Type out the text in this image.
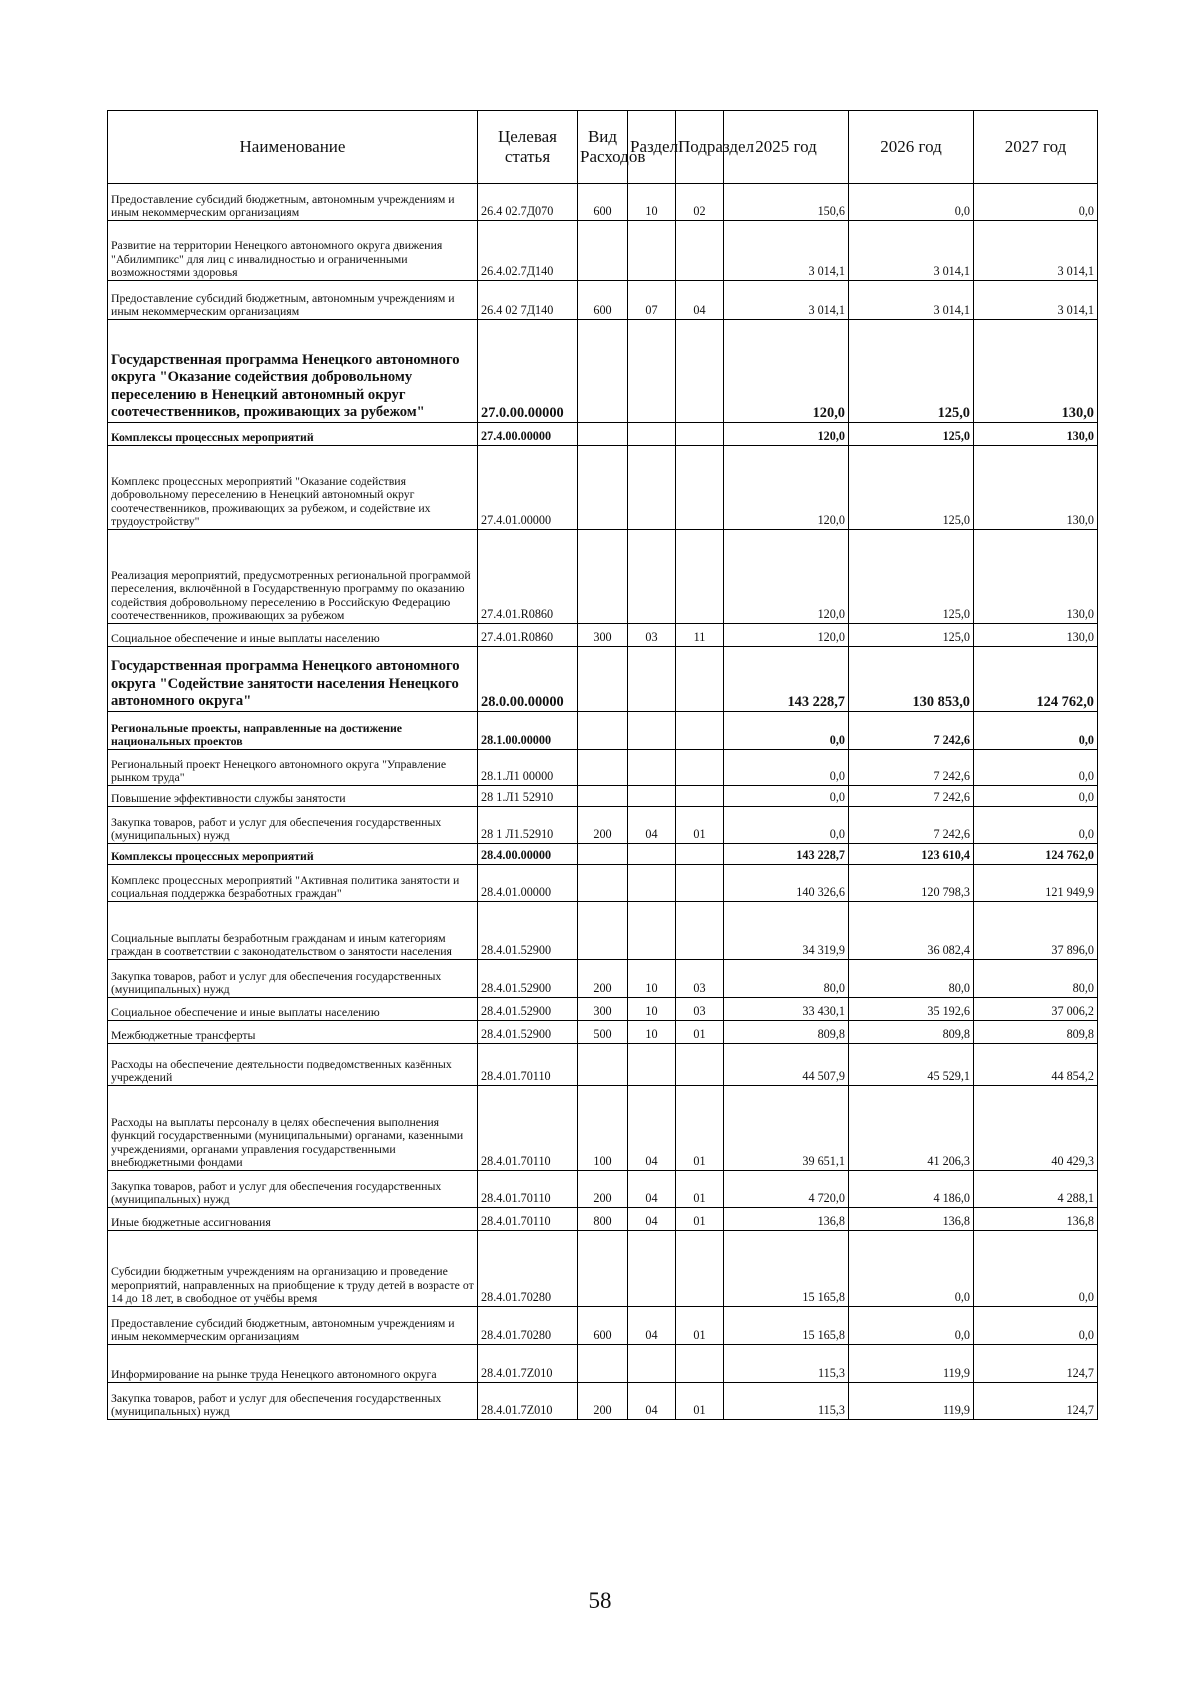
Наименование	Целевая статья	Вид Расходов	Раздел	Подраздел	2025 год	2026 год	2027 год
Предоставление субсидий бюджетным, автономным учреждениям и иным некоммерческим организациям	26.4 02.7Д070	600	10	02	150,6	0,0	0,0
Развитие на территории Ненецкого автономного округа движения "Абилимпикс" для лиц с инвалидностью и ограниченными возможностями здоровья	26.4.02.7Д140				3 014,1	3 014,1	3 014,1
Предоставление субсидий бюджетным, автономным учреждениям и иным некоммерческим организациям	26.4 02 7Д140	600	07	04	3 014,1	3 014,1	3 014,1
Государственная программа Ненецкого автономного округа "Оказание содействия добровольному переселению в Ненецкий автономный округ соотечественников, проживающих за рубежом"	27.0.00.00000				120,0	125,0	130,0
Комплексы процессных мероприятий	27.4.00.00000				120,0	125,0	130,0
Комплекс процессных мероприятий "Оказание содействия добровольному переселению в Ненецкий автономный округ соотечественников, проживающих за рубежом, и содействие их трудоустройству"	27.4.01.00000				120,0	125,0	130,0
Реализация мероприятий, предусмотренных региональной программой переселения, включённой в Государственную программу по оказанию содействия добровольному переселению в Российскую Федерацию соотечественников, проживающих за рубежом	27.4.01.R0860				120,0	125,0	130,0
Социальное обеспечение и иные выплаты населению	27.4.01.R0860	300	03	11	120,0	125,0	130,0
Государственная программа Ненецкого автономного округа "Содействие занятости населения Ненецкого автономного округа"	28.0.00.00000				143 228,7	130 853,0	124 762,0
Региональные проекты, направленные на достижение национальных проектов	28.1.00.00000				0,0	7 242,6	0,0
Региональный проект Ненецкого автономного округа "Управление рынком труда"	28.1.Л1 00000				0,0	7 242,6	0,0
Повышение эффективности службы занятости	28 1.Л1 52910				0,0	7 242,6	0,0
Закупка товаров, работ и услуг для обеспечения государственных (муниципальных) нужд	28 1 Л1.52910	200	04	01	0,0	7 242,6	0,0
Комплексы процессных мероприятий	28.4.00.00000				143 228,7	123 610,4	124 762,0
Комплекс процессных мероприятий "Активная политика занятости и социальная поддержка безработных граждан"	28.4.01.00000				140 326,6	120 798,3	121 949,9
Социальные выплаты безработным гражданам и иным категориям граждан в соответствии с законодательством о занятости населения	28.4.01.52900				34 319,9	36 082,4	37 896,0
Закупка товаров, работ и услуг для обеспечения государственных (муниципальных) нужд	28.4.01.52900	200	10	03	80,0	80,0	80,0
Социальное обеспечение и иные выплаты населению	28.4.01.52900	300	10	03	33 430,1	35 192,6	37 006,2
Межбюджетные трансферты	28.4.01.52900	500	10	01	809,8	809,8	809,8
Расходы на обеспечение деятельности подведомственных казённых учреждений	28.4.01.70110				44 507,9	45 529,1	44 854,2
Расходы на выплаты персоналу в целях обеспечения выполнения функций государственными (муниципальными) органами, казенными учреждениями, органами управления государственными внебюджетными фондами	28.4.01.70110	100	04	01	39 651,1	41 206,3	40 429,3
Закупка товаров, работ и услуг для обеспечения государственных (муниципальных) нужд	28.4.01.70110	200	04	01	4 720,0	4 186,0	4 288,1
Иные бюджетные ассигнования	28.4.01.70110	800	04	01	136,8	136,8	136,8
Субсидии бюджетным учреждениям на организацию и проведение мероприятий, направленных на приобщение к труду детей в возрасте от 14 до 18 лет, в свободное от учёбы время	28.4.01.70280				15 165,8	0,0	0,0
Предоставление субсидий бюджетным, автономным учреждениям и иным некоммерческим организациям	28.4.01.70280	600	04	01	15 165,8	0,0	0,0
Информирование на рынке труда Ненецкого автономного округа	28.4.01.7Z010				115,3	119,9	124,7
Закупка товаров, работ и услуг для обеспечения государственных (муниципальных) нужд	28.4.01.7Z010	200	04	01	115,3	119,9	124,7
58
